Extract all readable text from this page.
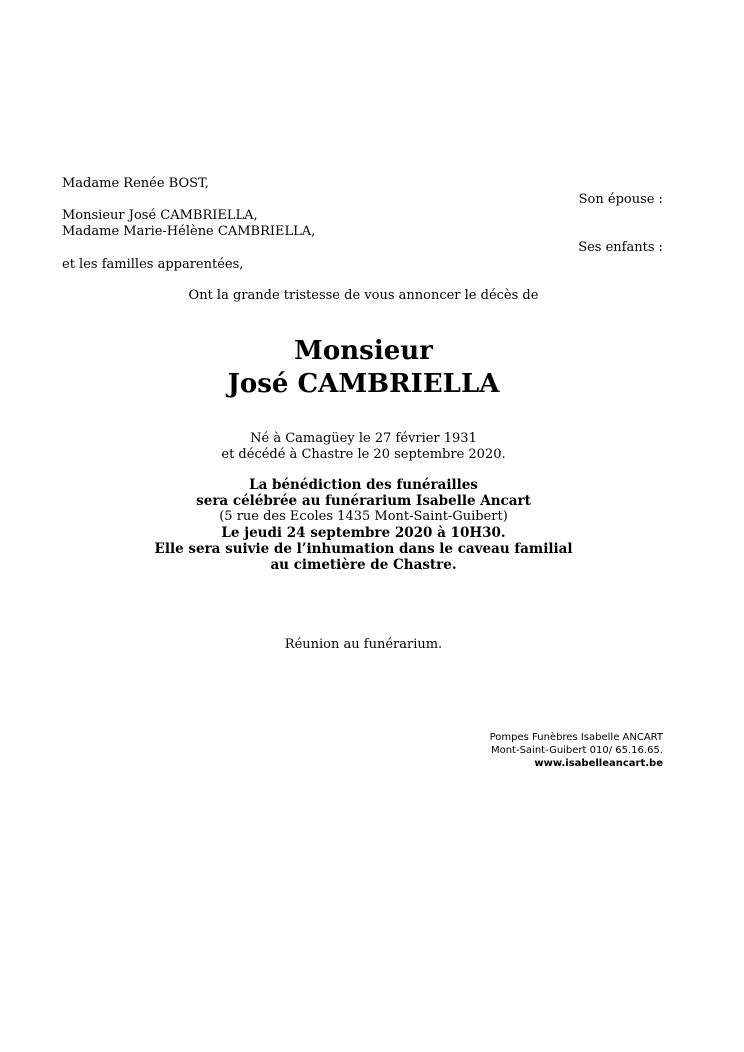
Madame Renée BOST,
Son épouse :
Monsieur José CAMBRIELLA,
Madame Marie-Hélène CAMBRIELLA,
Ses enfants :
et les familles apparentées,
Ont la grande tristesse de vous annoncer le décès de
Monsieur
José CAMBRIELLA
Né à Camagüey le 27 février 1931
et décédé à Chastre le 20 septembre 2020.
La bénédiction des funérailles
sera célébrée au funérarium Isabelle Ancart
(5 rue des Ecoles 1435 Mont-Saint-Guibert)
Le jeudi 24 septembre 2020 à 10H30.
Elle sera suivie de l’inhumation dans le caveau familial
au cimetière de Chastre.
Réunion au funérarium.
Pompes Funèbres Isabelle ANCART
Mont-Saint-Guibert 010/ 65.16.65.
www.isabelleancart.be
